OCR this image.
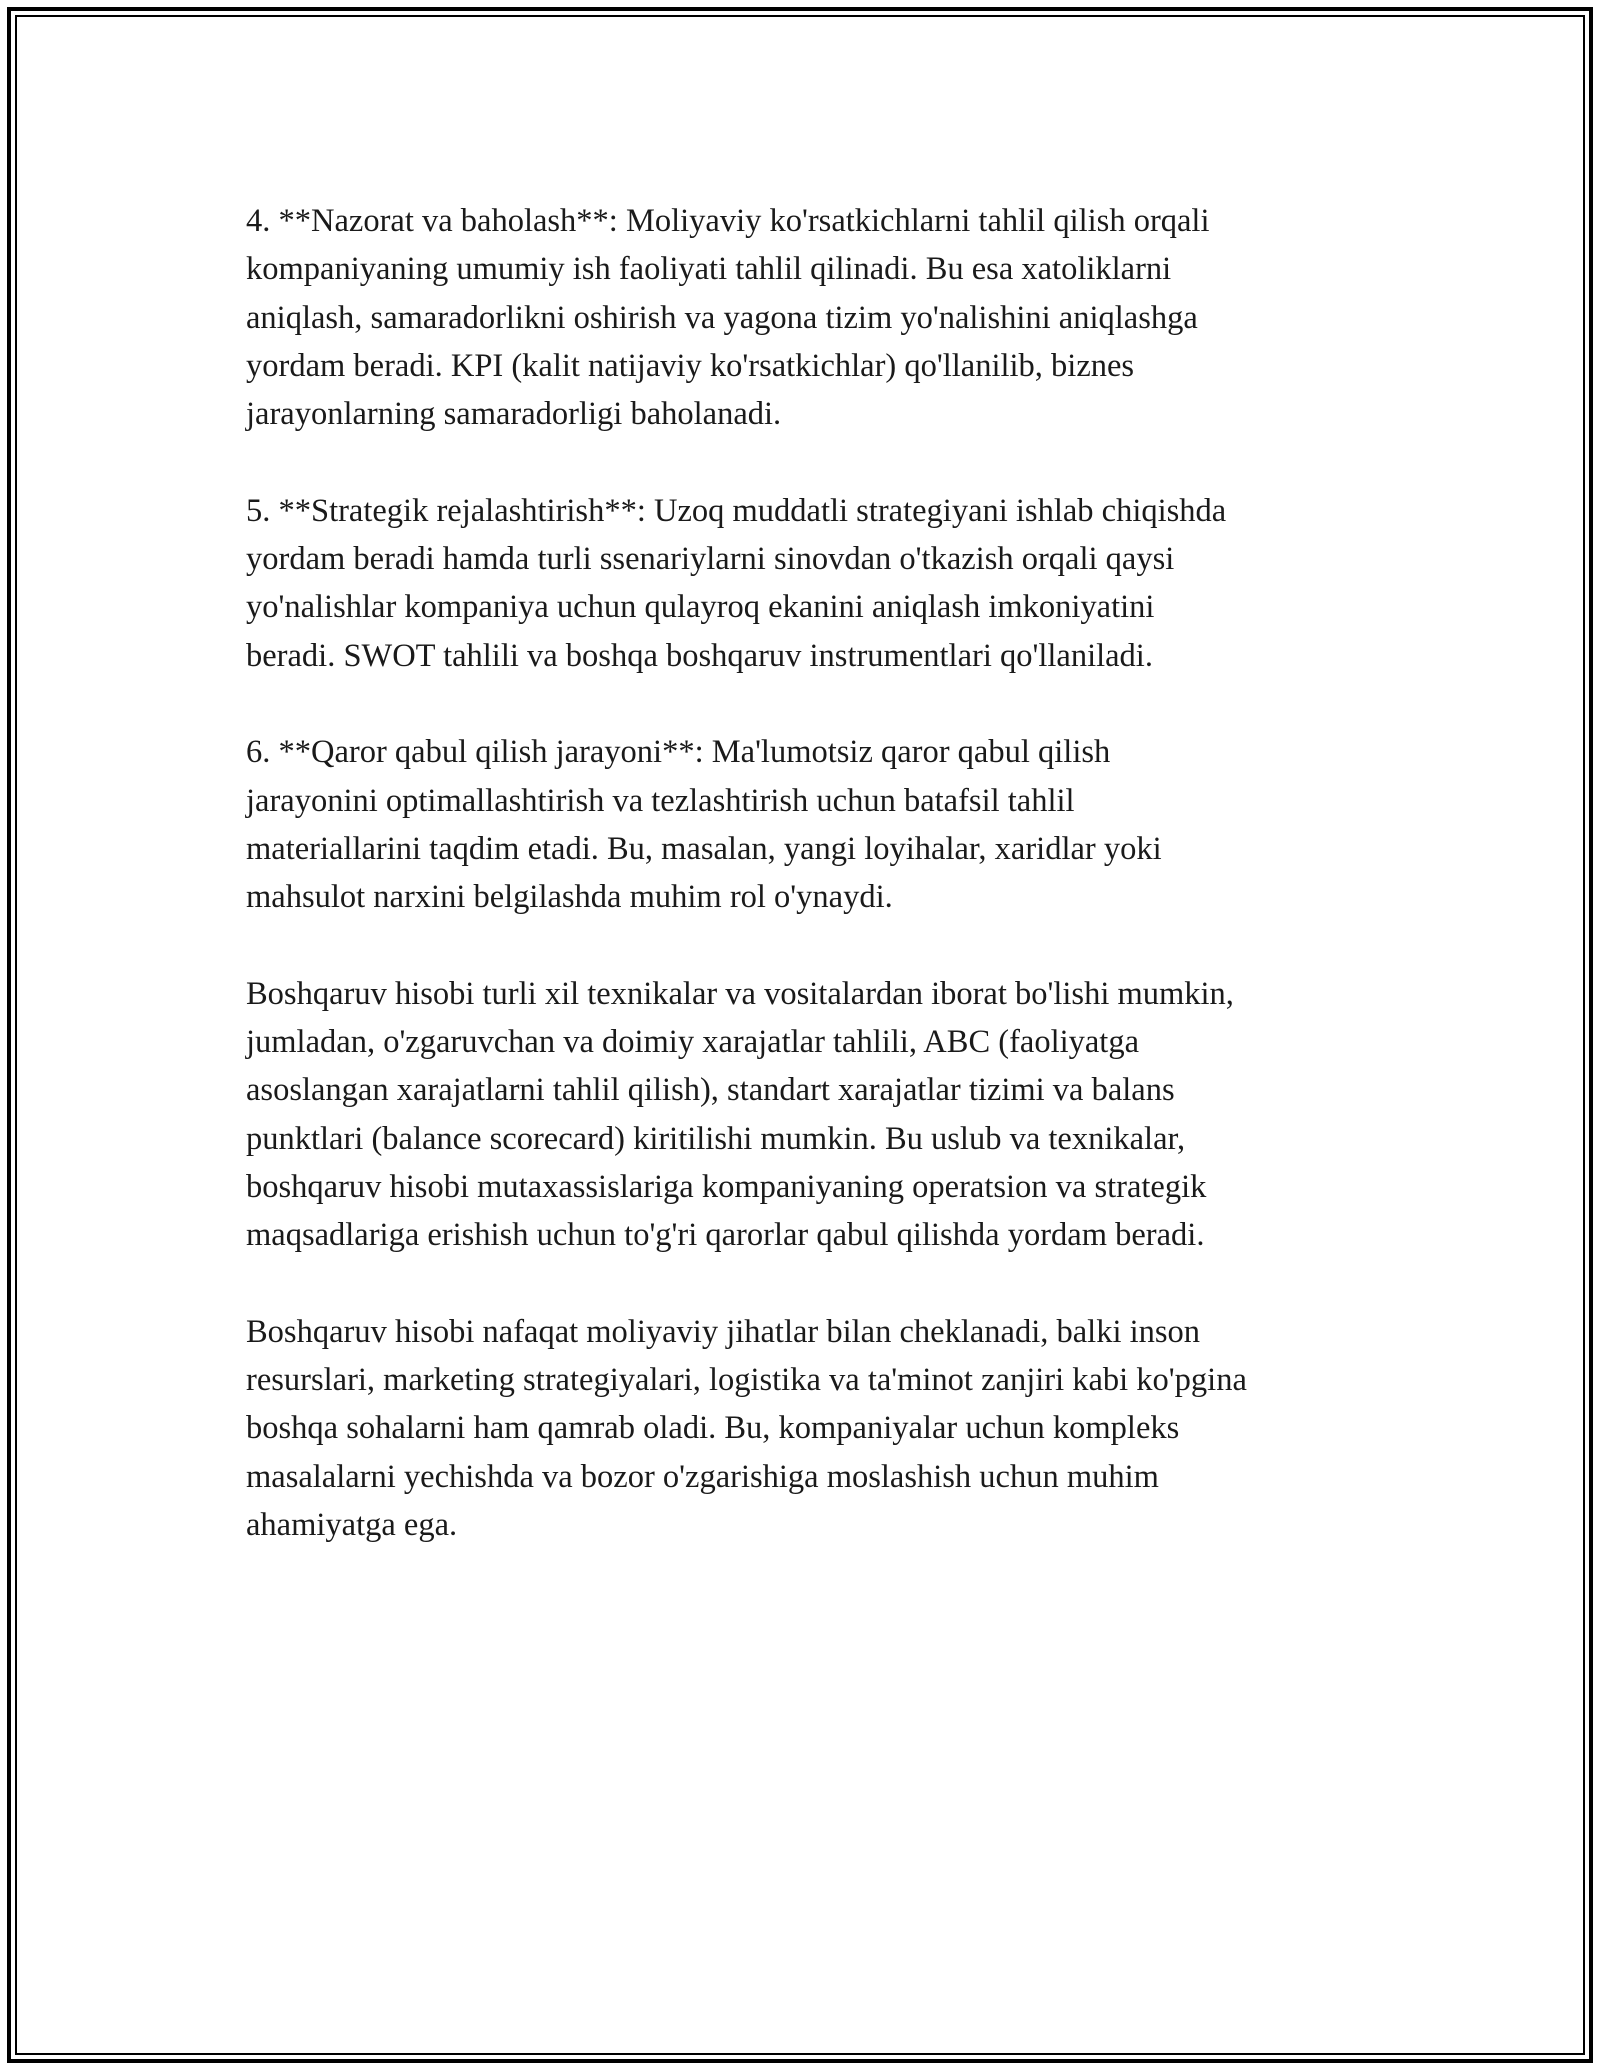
4. **Nazorat va baholash**: Moliyaviy ko'rsatkichlarni tahlil qilish orqali
kompaniyaning umumiy ish faoliyati tahlil qilinadi. Bu esa xatoliklarni
aniqlash, samaradorlikni oshirish va yagona tizim yo'nalishini aniqlashga
yordam beradi. KPI (kalit natijaviy ko'rsatkichlar) qo'llanilib, biznes
jarayonlarning samaradorligi baholanadi.

5. **Strategik rejalashtirish**: Uzoq muddatli strategiyani ishlab chiqishda
yordam beradi hamda turli ssenariylarni sinovdan o'tkazish orqali qaysi
yo'nalishlar kompaniya uchun qulayroq ekanini aniqlash imkoniyatini
beradi. SWOT tahlili va boshqa boshqaruv instrumentlari qo'llaniladi.

6. **Qaror qabul qilish jarayoni**: Ma'lumotsiz qaror qabul qilish
jarayonini optimallashtirish va tezlashtirish uchun batafsil tahlil
materiallarini taqdim etadi. Bu, masalan, yangi loyihalar, xaridlar yoki
mahsulot narxini belgilashda muhim rol o'ynaydi.

Boshqaruv hisobi turli xil texnikalar va vositalardan iborat bo'lishi mumkin,
jumladan, o'zgaruvchan va doimiy xarajatlar tahlili, ABC (faoliyatga
asoslangan xarajatlarni tahlil qilish), standart xarajatlar tizimi va balans
punktlari (balance scorecard) kiritilishi mumkin. Bu uslub va texnikalar,
boshqaruv hisobi mutaxassislariga kompaniyaning operatsion va strategik
maqsadlariga erishish uchun to'g'ri qarorlar qabul qilishda yordam beradi.

Boshqaruv hisobi nafaqat moliyaviy jihatlar bilan cheklanadi, balki inson
resurslari, marketing strategiyalari, logistika va ta'minot zanjiri kabi ko'pgina
boshqa sohalarni ham qamrab oladi. Bu, kompaniyalar uchun kompleks
masalalarni yechishda va bozor o'zgarishiga moslashish uchun muhim
ahamiyatga ega.
